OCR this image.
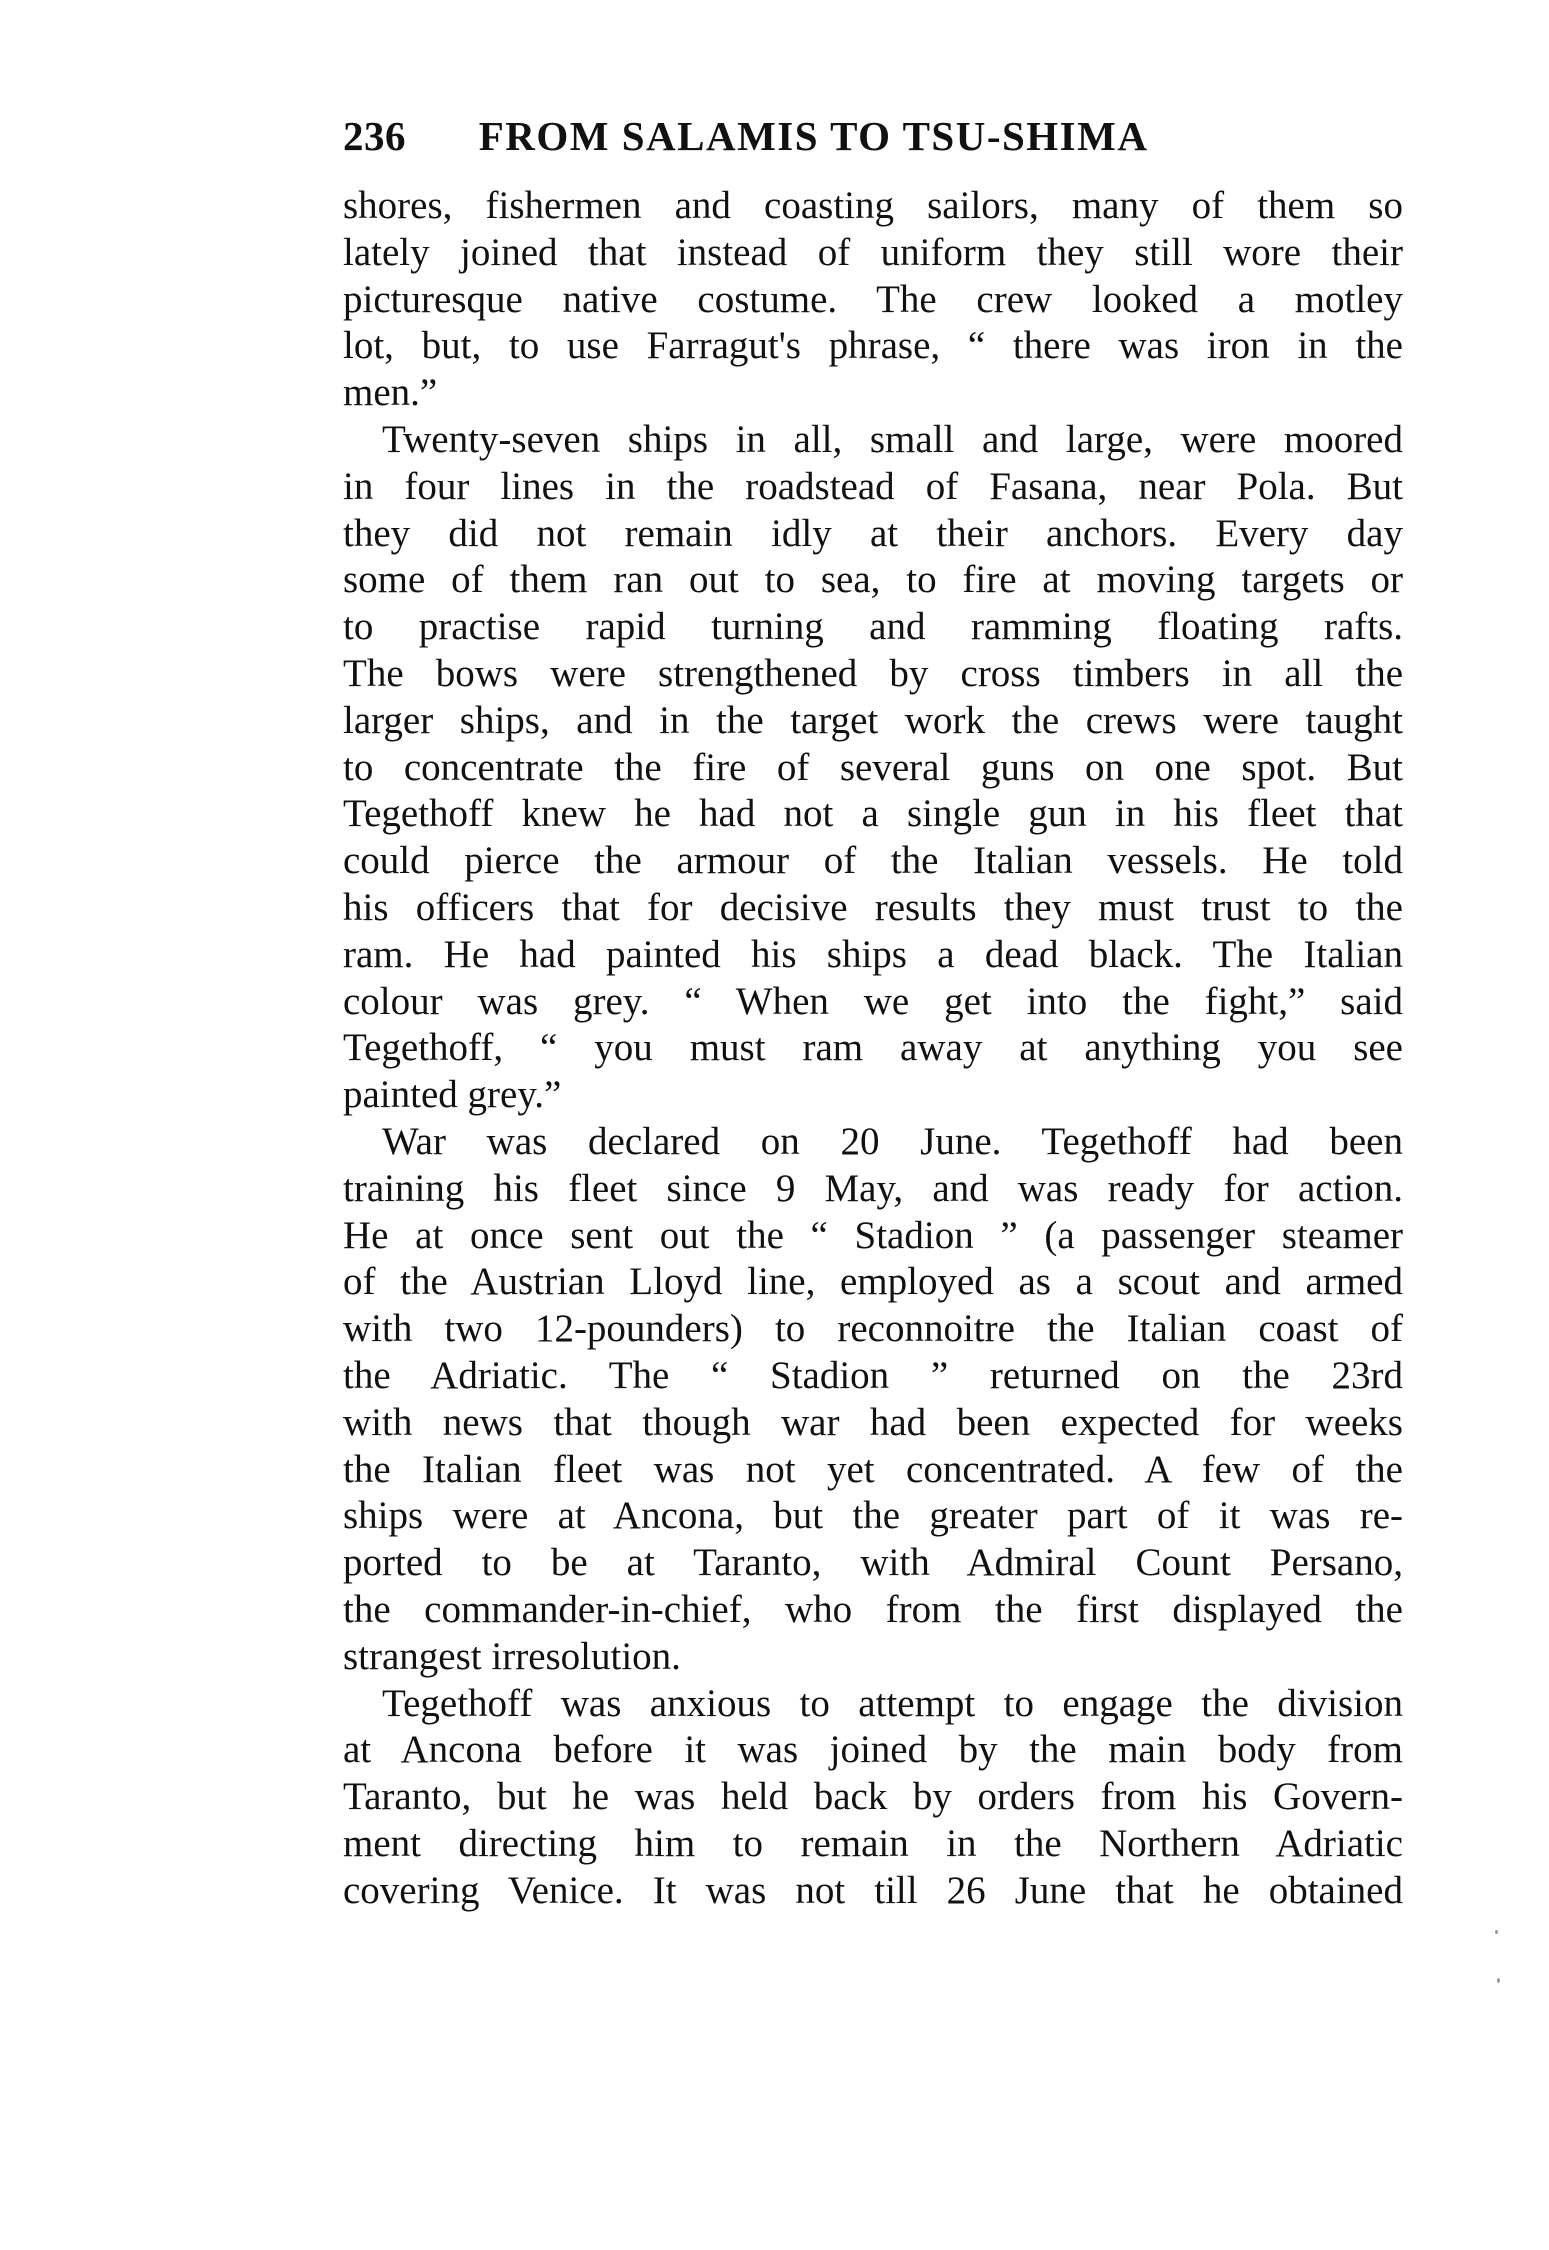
236 FROM SALAMIS TO TSU-SHIMA
shores, fishermen and coasting sailors, many of them so
lately joined that instead of uniform they still wore their
picturesque native costume. The crew looked a motley
lot, but, to use Farragut's phrase, “ there was iron in the
men.”
Twenty-seven ships in all, small and large, were moored
in four lines in the roadstead of Fasana, near Pola. But
they did not remain idly at their anchors. Every day
some of them ran out to sea, to fire at moving targets or
to practise rapid turning and ramming floating rafts.
The bows were strengthened by cross timbers in all the
larger ships, and in the target work the crews were taught
to concentrate the fire of several guns on one spot. But
Tegethoff knew he had not a single gun in his fleet that
could pierce the armour of the Italian vessels. He told
his officers that for decisive results they must trust to the
ram. He had painted his ships a dead black. The Italian
colour was grey. “ When we get into the fight,” said
Tegethoff, “ you must ram away at anything you see
painted grey.”
War was declared on 20 June. Tegethoff had been
training his fleet since 9 May, and was ready for action.
He at once sent out the “ Stadion ” (a passenger steamer
of the Austrian Lloyd line, employed as a scout and armed
with two 12-pounders) to reconnoitre the Italian coast of
the Adriatic. The “ Stadion ” returned on the 23rd
with news that though war had been expected for weeks
the Italian fleet was not yet concentrated. A few of the
ships were at Ancona, but the greater part of it was re-
ported to be at Taranto, with Admiral Count Persano,
the commander-in-chief, who from the first displayed the
strangest irresolution.
Tegethoff was anxious to attempt to engage the division
at Ancona before it was joined by the main body from
Taranto, but he was held back by orders from his Govern-
ment directing him to remain in the Northern Adriatic
covering Venice. It was not till 26 June that he obtained
